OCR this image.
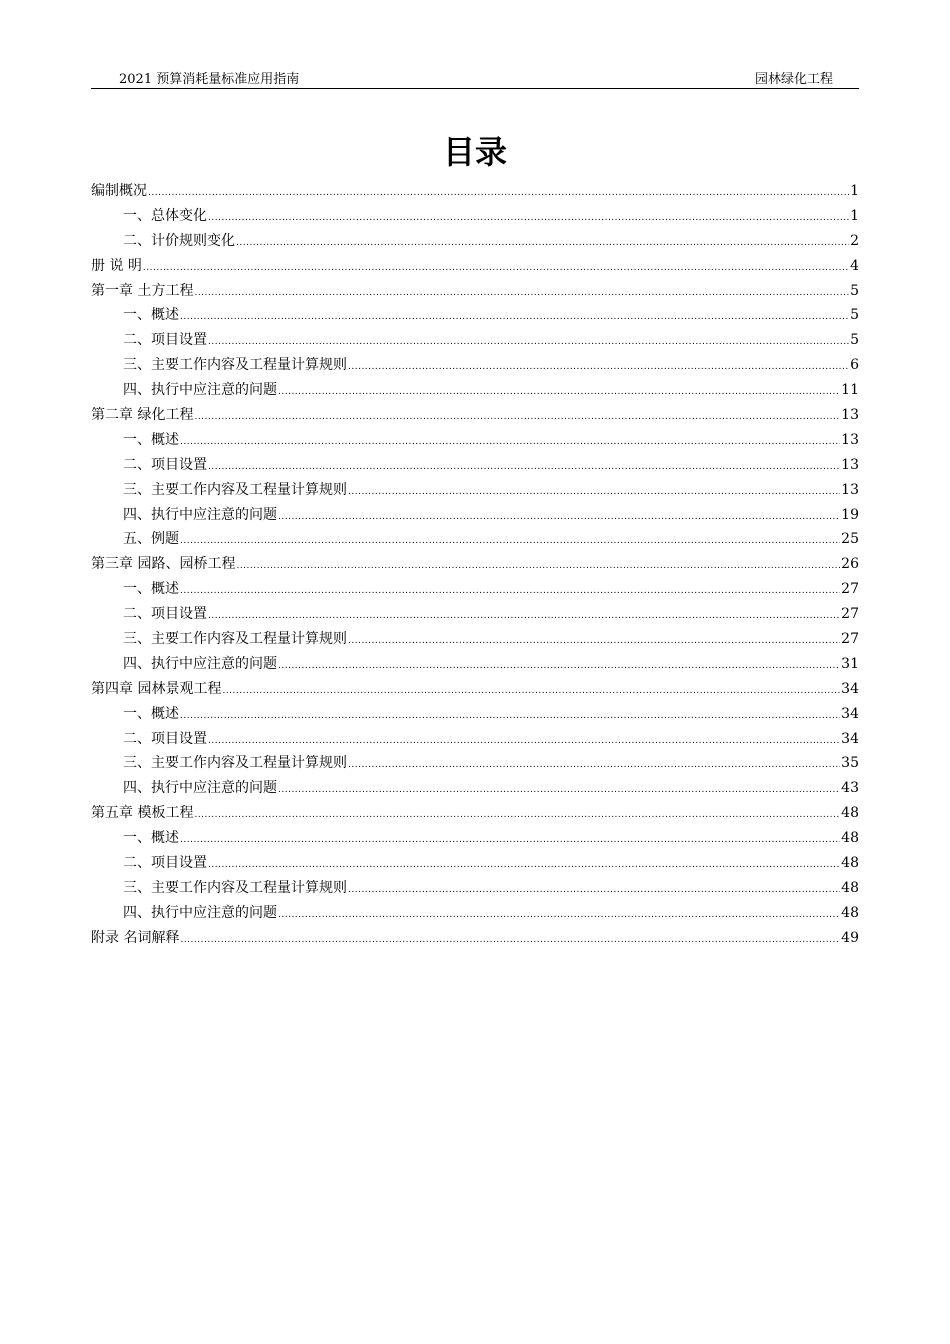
2021 预算消耗量标准应用指南	园林绿化工程
目录
编制概况 .....	1
一、总体变化 .....	1
二、计价规则变化 .....	2
册 说 明 .....	4
第一章 土方工程 .....	5
一、概述 .....	5
二、项目设置 .....	5
三、主要工作内容及工程量计算规则 .....	6
四、执行中应注意的问题 .....	11
第二章 绿化工程 .....	13
一、概述 .....	13
二、项目设置 .....	13
三、主要工作内容及工程量计算规则 .....	13
四、执行中应注意的问题 .....	19
五、例题 .....	25
第三章 园路、园桥工程 .....	26
一、概述 .....	27
二、项目设置 .....	27
三、主要工作内容及工程量计算规则 .....	27
四、执行中应注意的问题 .....	31
第四章 园林景观工程 .....	34
一、概述 .....	34
二、项目设置 .....	34
三、主要工作内容及工程量计算规则 .....	35
四、执行中应注意的问题 .....	43
第五章 模板工程 .....	48
一、概述 .....	48
二、项目设置 .....	48
三、主要工作内容及工程量计算规则 .....	48
四、执行中应注意的问题 .....	48
附录 名词解释 .....	49
